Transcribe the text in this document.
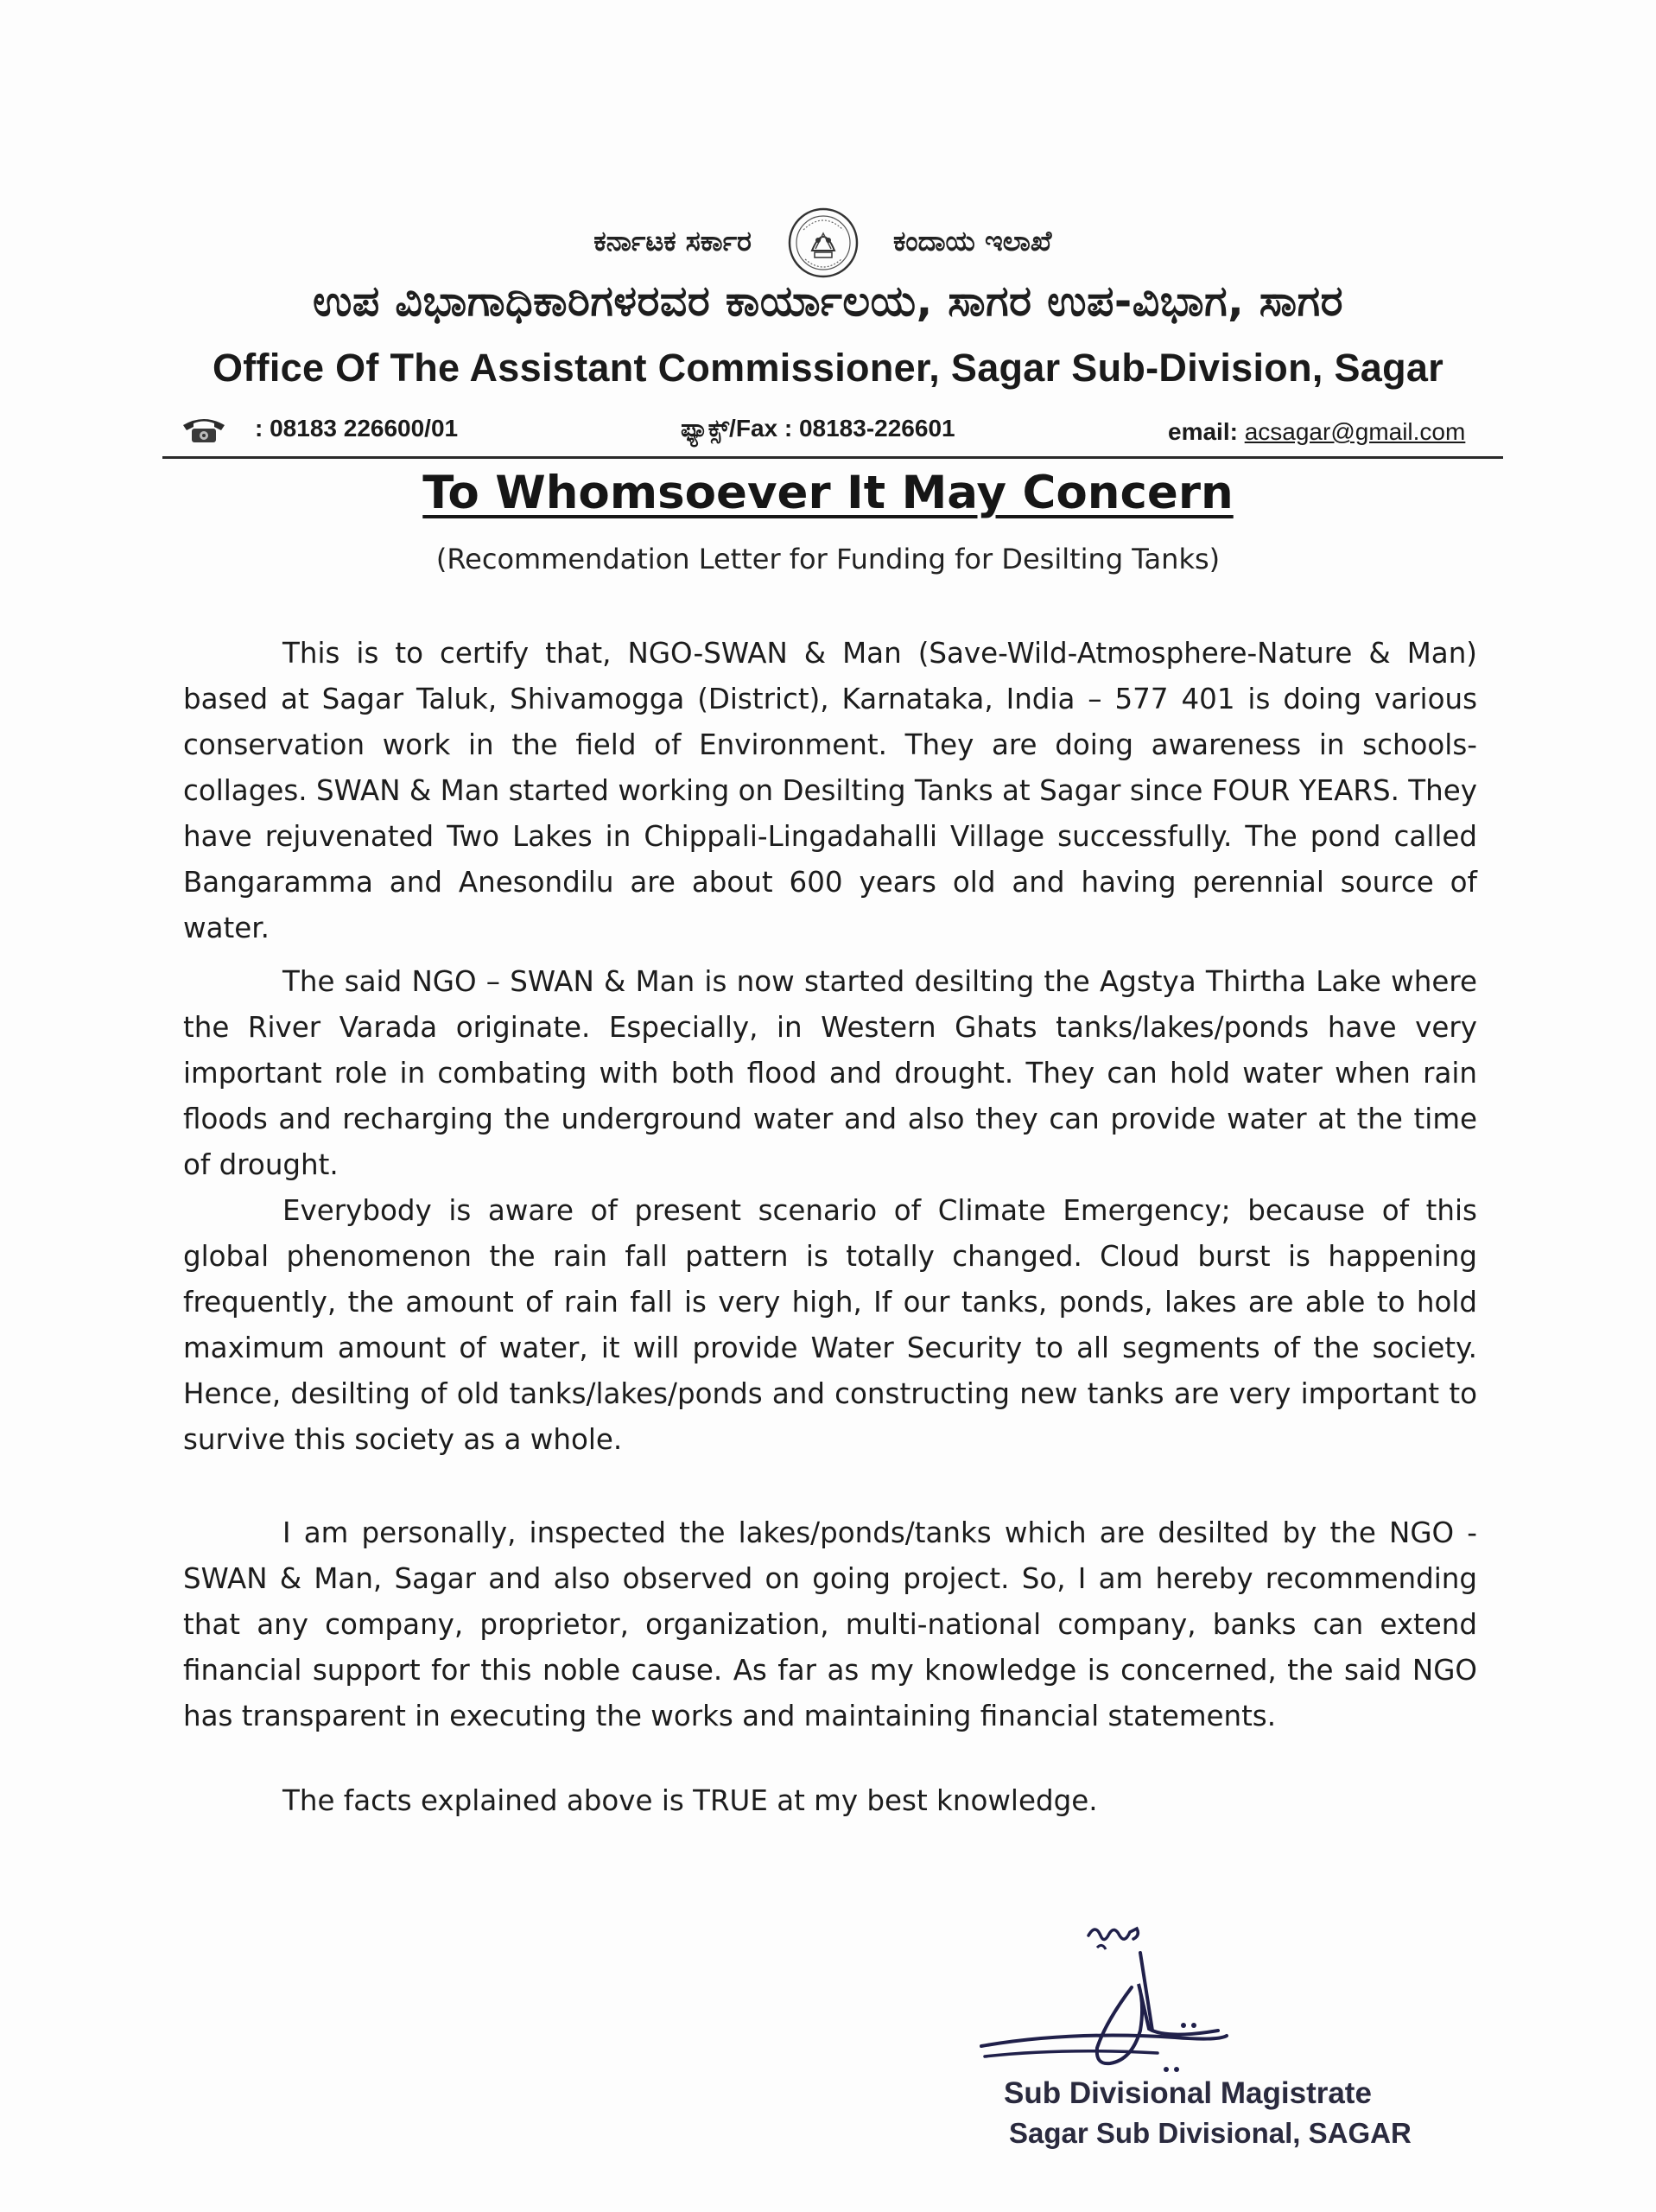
ಕರ್ನಾಟಕ ಸರ್ಕಾರ	ಕಂದಾಯ ಇಲಾಖೆ
ಉಪ ವಿಭಾಗಾಧಿಕಾರಿಗಳರವರ ಕಾರ್ಯಾಲಯ, ಸಾಗರ ಉಪ-ವಿಭಾಗ, ಸಾಗರ
Office Of The Assistant Commissioner, Sagar Sub-Division, Sagar
: 08183 226600/01	ಫ್ಯಾಕ್ಸ್/Fax : 08183-226601	email: acsagar@gmail.com
To Whomsoever It May Concern
(Recommendation Letter for Funding for Desilting Tanks)
This is to certify that, NGO-SWAN & Man (Save-Wild-Atmosphere-Nature & Man) based at Sagar Taluk, Shivamogga (District), Karnataka, India – 577 401 is doing various conservation work in the field of Environment. They are doing awareness in schools-collages. SWAN & Man started working on Desilting Tanks at Sagar since FOUR YEARS. They have rejuvenated Two Lakes in Chippali-Lingadahalli Village successfully. The pond called Bangaramma and Anesondilu are about 600 years old and having perennial source of water.
The said NGO – SWAN & Man is now started desilting the Agstya Thirtha Lake where the River Varada originate. Especially, in Western Ghats tanks/lakes/ponds have very important role in combating with both flood and drought. They can hold water when rain floods and recharging the underground water and also they can provide water at the time of drought.
Everybody is aware of present scenario of Climate Emergency; because of this global phenomenon the rain fall pattern is totally changed. Cloud burst is happening frequently, the amount of rain fall is very high, If our tanks, ponds, lakes are able to hold maximum amount of water, it will provide Water Security to all segments of the society. Hence, desilting of old tanks/lakes/ponds and constructing new tanks are very important to survive this society as a whole.
I am personally, inspected the lakes/ponds/tanks which are desilted by the NGO - SWAN & Man, Sagar and also observed on going project. So, I am hereby recommending that any company, proprietor, organization, multi-national company, banks can extend financial support for this noble cause. As far as my knowledge is concerned, the said NGO has transparent in executing the works and maintaining financial statements.
The facts explained above is TRUE at my best knowledge.
Sub Divisional Magistrate
Sagar Sub Divisional, SAGAR
